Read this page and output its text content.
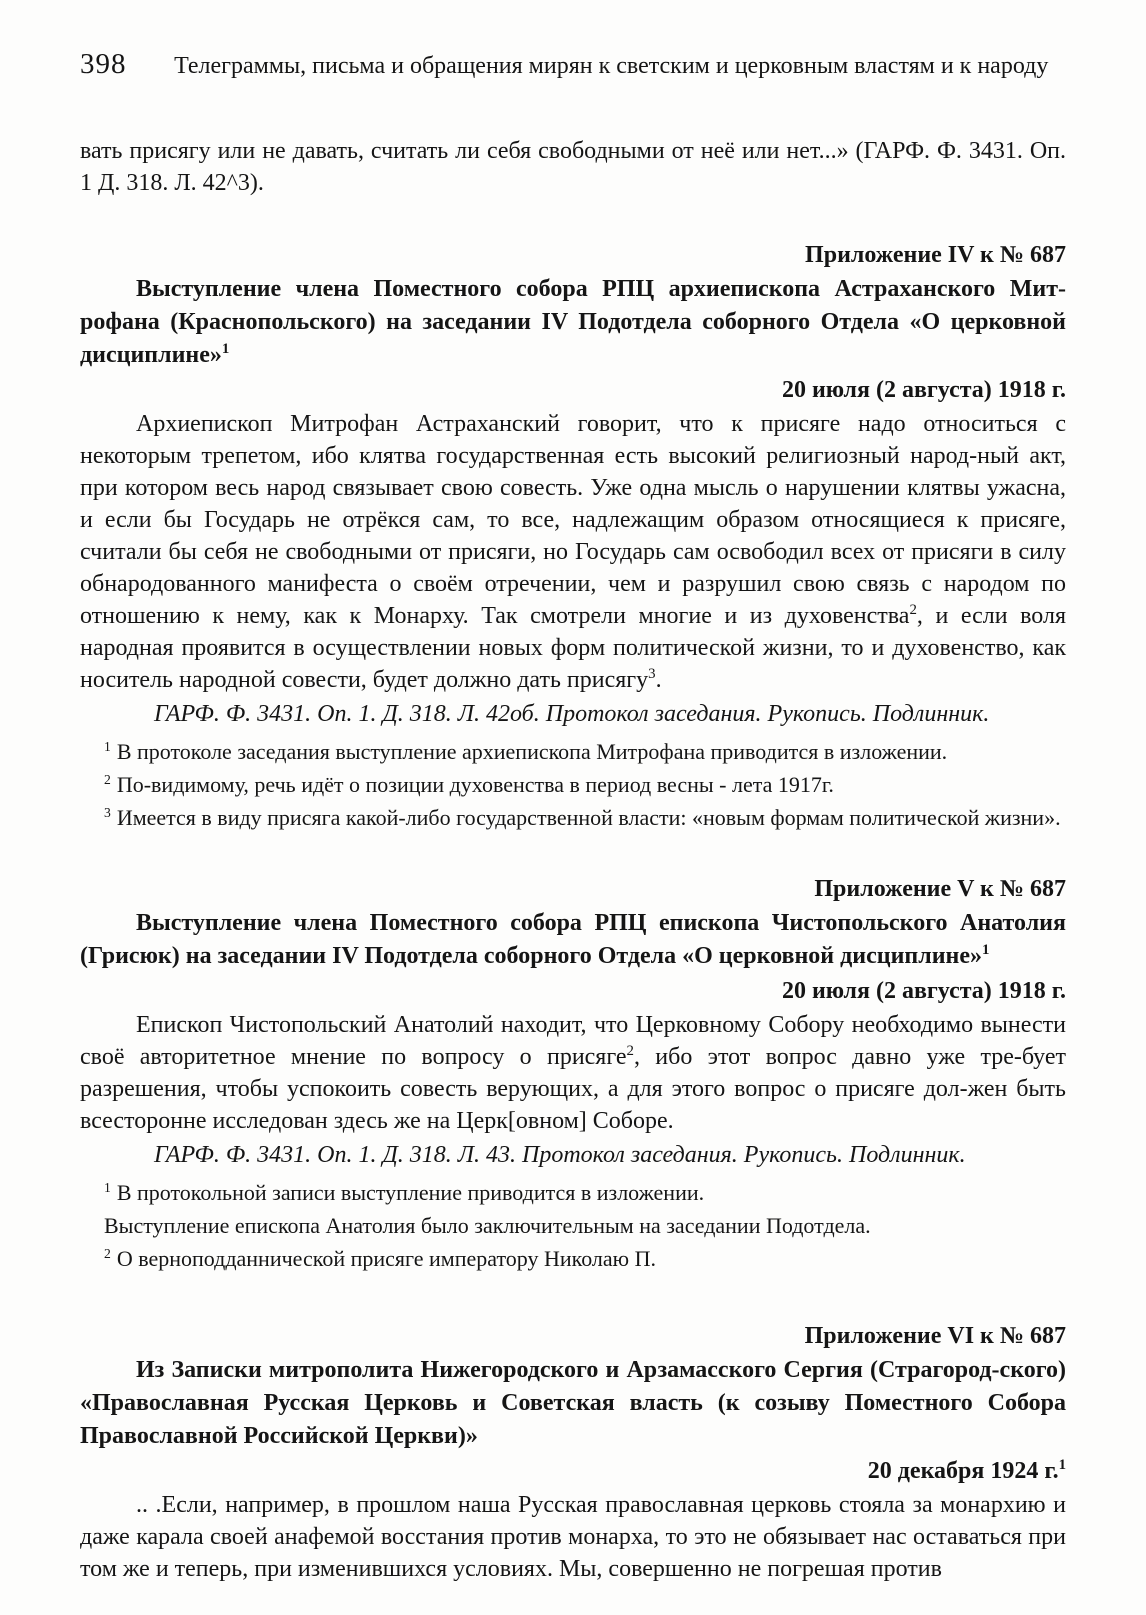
398	Телеграммы, письма и обращения мирян к светским и церковным властям и к народу

вать присягу или не давать, считать ли себя свободными от неё или нет...» (ГАРФ. Ф. 3431. Оп. 1 Д. 318. Л. 42^3).

Приложение IV к № 687

Выступление члена Поместного собора РПЦ архиепископа Астраханского Мит-рофана (Краснопольского) на заседании IV Подотдела соборного Отдела «О церковной дисциплине»$^1$

20 июля (2 августа) 1918 г.

Архиепископ Митрофан Астраханский говорит, что к присяге надо относиться с некоторым трепетом, ибо клятва государственная есть высокий религиозный народ-ный акт, при котором весь народ связывает свою совесть. Уже одна мысль о нарушении клятвы ужасна, и если бы Государь не отрёкся сам, то все, надлежащим образом относящиеся к присяге, считали бы себя не свободными от присяги, но Государь сам освободил всех от присяги в силу обнародованного манифеста о своём отречении, чем и разрушил свою связь с народом по отношению к нему, как к Монарху. Так смотрели многие и из духовенства$^2$, и если воля народная проявится в осуществлении новых форм политической жизни, то и духовенство, как носитель народной совести, будет должно дать присягу$^3$.

ГАРФ. Ф. 3431. Оп. 1. Д. 318. Л. 42об. Протокол заседания. Рукопись. Подлинник.

$^1$ В протоколе заседания выступление архиепископа Митрофана приводится в изложении.

$^2$ По-видимому, речь идёт о позиции духовенства в период весны - лета 1917г.

$^3$ Имеется в виду присяга какой-либо государственной власти: «новым формам политической жизни».

Приложение V к № 687

Выступление члена Поместного собора РПЦ епископа Чистопольского Анатолия (Грисюк) на заседании IV Подотдела соборного Отдела «О церковной дисциплине»$^1$

20 июля (2 августа) 1918 г.

Епископ Чистопольский Анатолий находит, что Церковному Собору необходимо вынести своё авторитетное мнение по вопросу о присяге$^2$, ибо этот вопрос давно уже тре-бует разрешения, чтобы успокоить совесть верующих, а для этого вопрос о присяге дол-жен быть всесторонне исследован здесь же на Церк[овном] Соборе.

ГАРФ. Ф. 3431. Оп. 1. Д. 318. Л. 43. Протокол заседания. Рукопись. Подлинник.

$^1$ В протокольной записи выступление приводится в изложении.

Выступление епископа Анатолия было заключительным на заседании Подотдела.

$^2$ О верноподданнической присяге императору Николаю П.

Приложение VI к № 687

Из Записки митрополита Нижегородского и Арзамасского Сергия (Страгород-ского) «Православная Русская Церковь и Советская власть (к созыву Поместного Собора Православной Российской Церкви)»

20 декабря 1924 г.$^1$

.. .Если, например, в прошлом наша Русская православная церковь стояла за монархию и даже карала своей анафемой восстания против монарха, то это не обязывает нас оставаться при том же и теперь, при изменившихся условиях. Мы, совершенно не погрешая против
